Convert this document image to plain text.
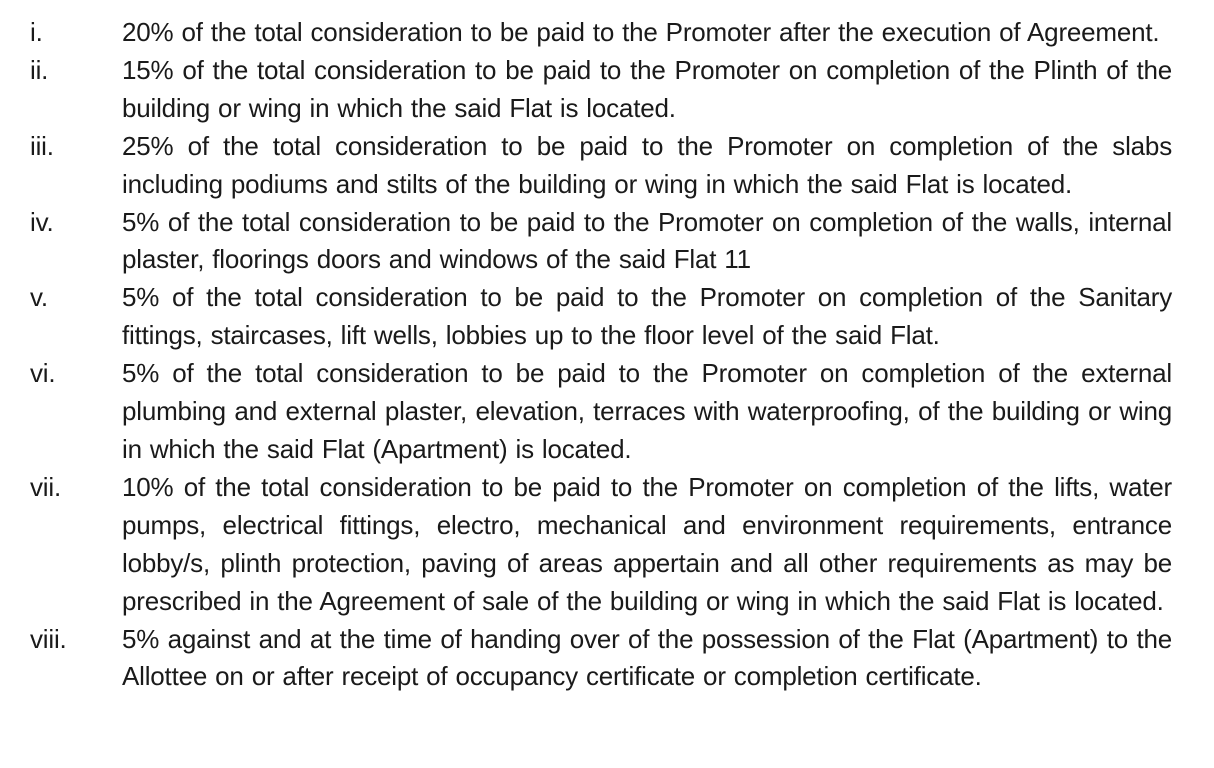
i.	20% of the total consideration to be paid to the Promoter after the execution of Agreement.
ii.	15% of the total consideration to be paid to the Promoter on completion of the Plinth of the building or wing in which the said Flat is located.
iii.	25% of the total consideration to be paid to the Promoter on completion of the slabs including podiums and stilts of the building or wing in which the said Flat is located.
iv.	5% of the total consideration to be paid to the Promoter on completion of the walls, internal plaster, floorings doors and windows of the said Flat 11
v.	5% of the total consideration to be paid to the Promoter on completion of the Sanitary fittings, staircases, lift wells, lobbies up to the floor level of the said Flat.
vi.	5% of the total consideration to be paid to the Promoter on completion of the external plumbing and external plaster, elevation, terraces with waterproofing, of the building or wing in which the said Flat (Apartment) is located.
vii.	10% of the total consideration to be paid to the Promoter on completion of the lifts, water pumps, electrical fittings, electro, mechanical and environment requirements, entrance lobby/s, plinth protection, paving of areas appertain and all other requirements as may be prescribed in the Agreement of sale of the building or wing in which the said Flat is located.
viii.	5% against and at the time of handing over of the possession of the Flat (Apartment) to the Allottee on or after receipt of occupancy certificate or completion certificate.
